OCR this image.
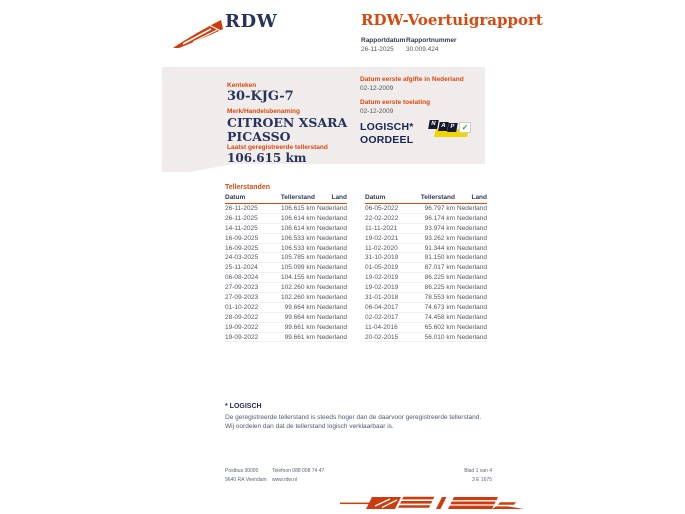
RDW	RDW-Voertuigrapport
Rapportdatum
26-11-2025
Rapportnummer
30.009.424
Kenteken
30-KJG-7
Merk/Handelsbenaming
CITROEN XSARA
PICASSO
Laatst geregistreerde tellerstand
106.615 km
Datum eerste afgifte in Nederland
02-12-2009
Datum eerste toelating
02-12-2009
LOGISCH*
OORDEEL
N A P ✓
Tellerstanden
Datum	Tellerstand	Land
26-11-2025	106.615 km Nederland
26-11-2025	106.614 km Nederland
14-11-2025	106.614 km Nederland
16-09-2025	106.533 km Nederland
16-09-2025	106.533 km Nederland
24-03-2025	105.785 km Nederland
25-11-2024	105.099 km Nederland
06-08-2024	104.155 km Nederland
27-09-2023	102.260 km Nederland
27-09-2023	102.260 km Nederland
01-10-2022	99.664 km Nederland
28-09-2022	99.664 km Nederland
19-09-2022	99.661 km Nederland
19-09-2022	99.661 km Nederland
Datum	Tellerstand	Land
06-05-2022	96.797 km Nederland
22-02-2022	96.174 km Nederland
11-11-2021	93.974 km Nederland
19-02-2021	93.262 km Nederland
11-02-2020	91.344 km Nederland
31-10-2019	91.150 km Nederland
01-05-2019	87.017 km Nederland
19-02-2019	86.225 km Nederland
19-02-2019	86.225 km Nederland
31-01-2018	78.553 km Nederland
06-04-2017	74.673 km Nederland
02-02-2017	74.458 km Nederland
11-04-2016	65.602 km Nederland
20-02-2015	56.010 km Nederland
* LOGISCH
De geregistreerde tellerstand is steeds hoger dan de daarvoor geregistreerde tellerstand. Wij oordelen dan dat de tellerstand logisch verklaarbaar is.
Postbus 30000
9640 RA Veendam
Telefoon 088 008 74 47
www.rdw.nl
Blad 1 van 4
3 E 1675
